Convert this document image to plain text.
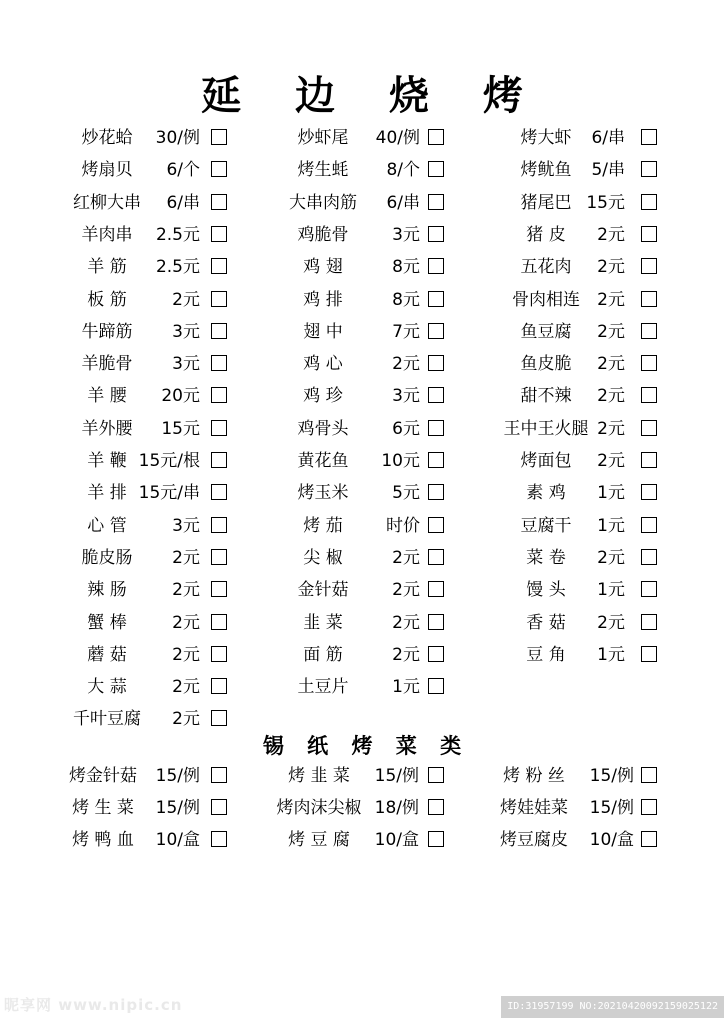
延 边 烧 烤
锡 纸 烤 菜 类
炒花蛤	30/例
烤扇贝	6/个
红柳大串	6/串
羊肉串	2.5元
羊 筋	2.5元
板 筋	2元
牛蹄筋	3元
羊脆骨	3元
羊 腰	20元
羊外腰	15元
羊 鞭 15元/根
羊 排 15元/串
心 管	3元
脆皮肠	2元
辣 肠	2元
蟹 棒	2元
蘑 菇	2元
大 蒜	2元
千叶豆腐	2元
炒虾尾	40/例
烤生蚝	8/个
大串肉筋	6/串
鸡脆骨	3元
鸡 翅	8元
鸡 排	8元
翅 中	7元
鸡 心	2元
鸡 珍	3元
鸡骨头	6元
黄花鱼	10元
烤玉米	5元
烤 茄	时价
尖 椒	2元
金针菇	2元
韭 菜	2元
面 筋	2元
土豆片	1元
烤大虾	6/串
烤鱿鱼	5/串
猪尾巴 15元
猪 皮	2元
五花肉	2元
骨肉相连	2元
鱼豆腐	2元
鱼皮脆	2元
甜不辣	2元
王中王火腿 2元
烤面包	2元
素 鸡	1元
豆腐干	1元
菜 卷	2元
馒 头	1元
香 菇	2元
豆 角	1元
烤金针菇	15/例
烤 生 菜	15/例
烤 鸭 血	10/盒
烤 韭 菜	15/例
烤肉沫尖椒 18/例
烤 豆 腐	10/盒
烤 粉 丝	15/例
烤娃娃菜	15/例
烤豆腐皮	10/盒
昵享网 www.nipic.cn	ID:31957199 NO:20210420092159025122
